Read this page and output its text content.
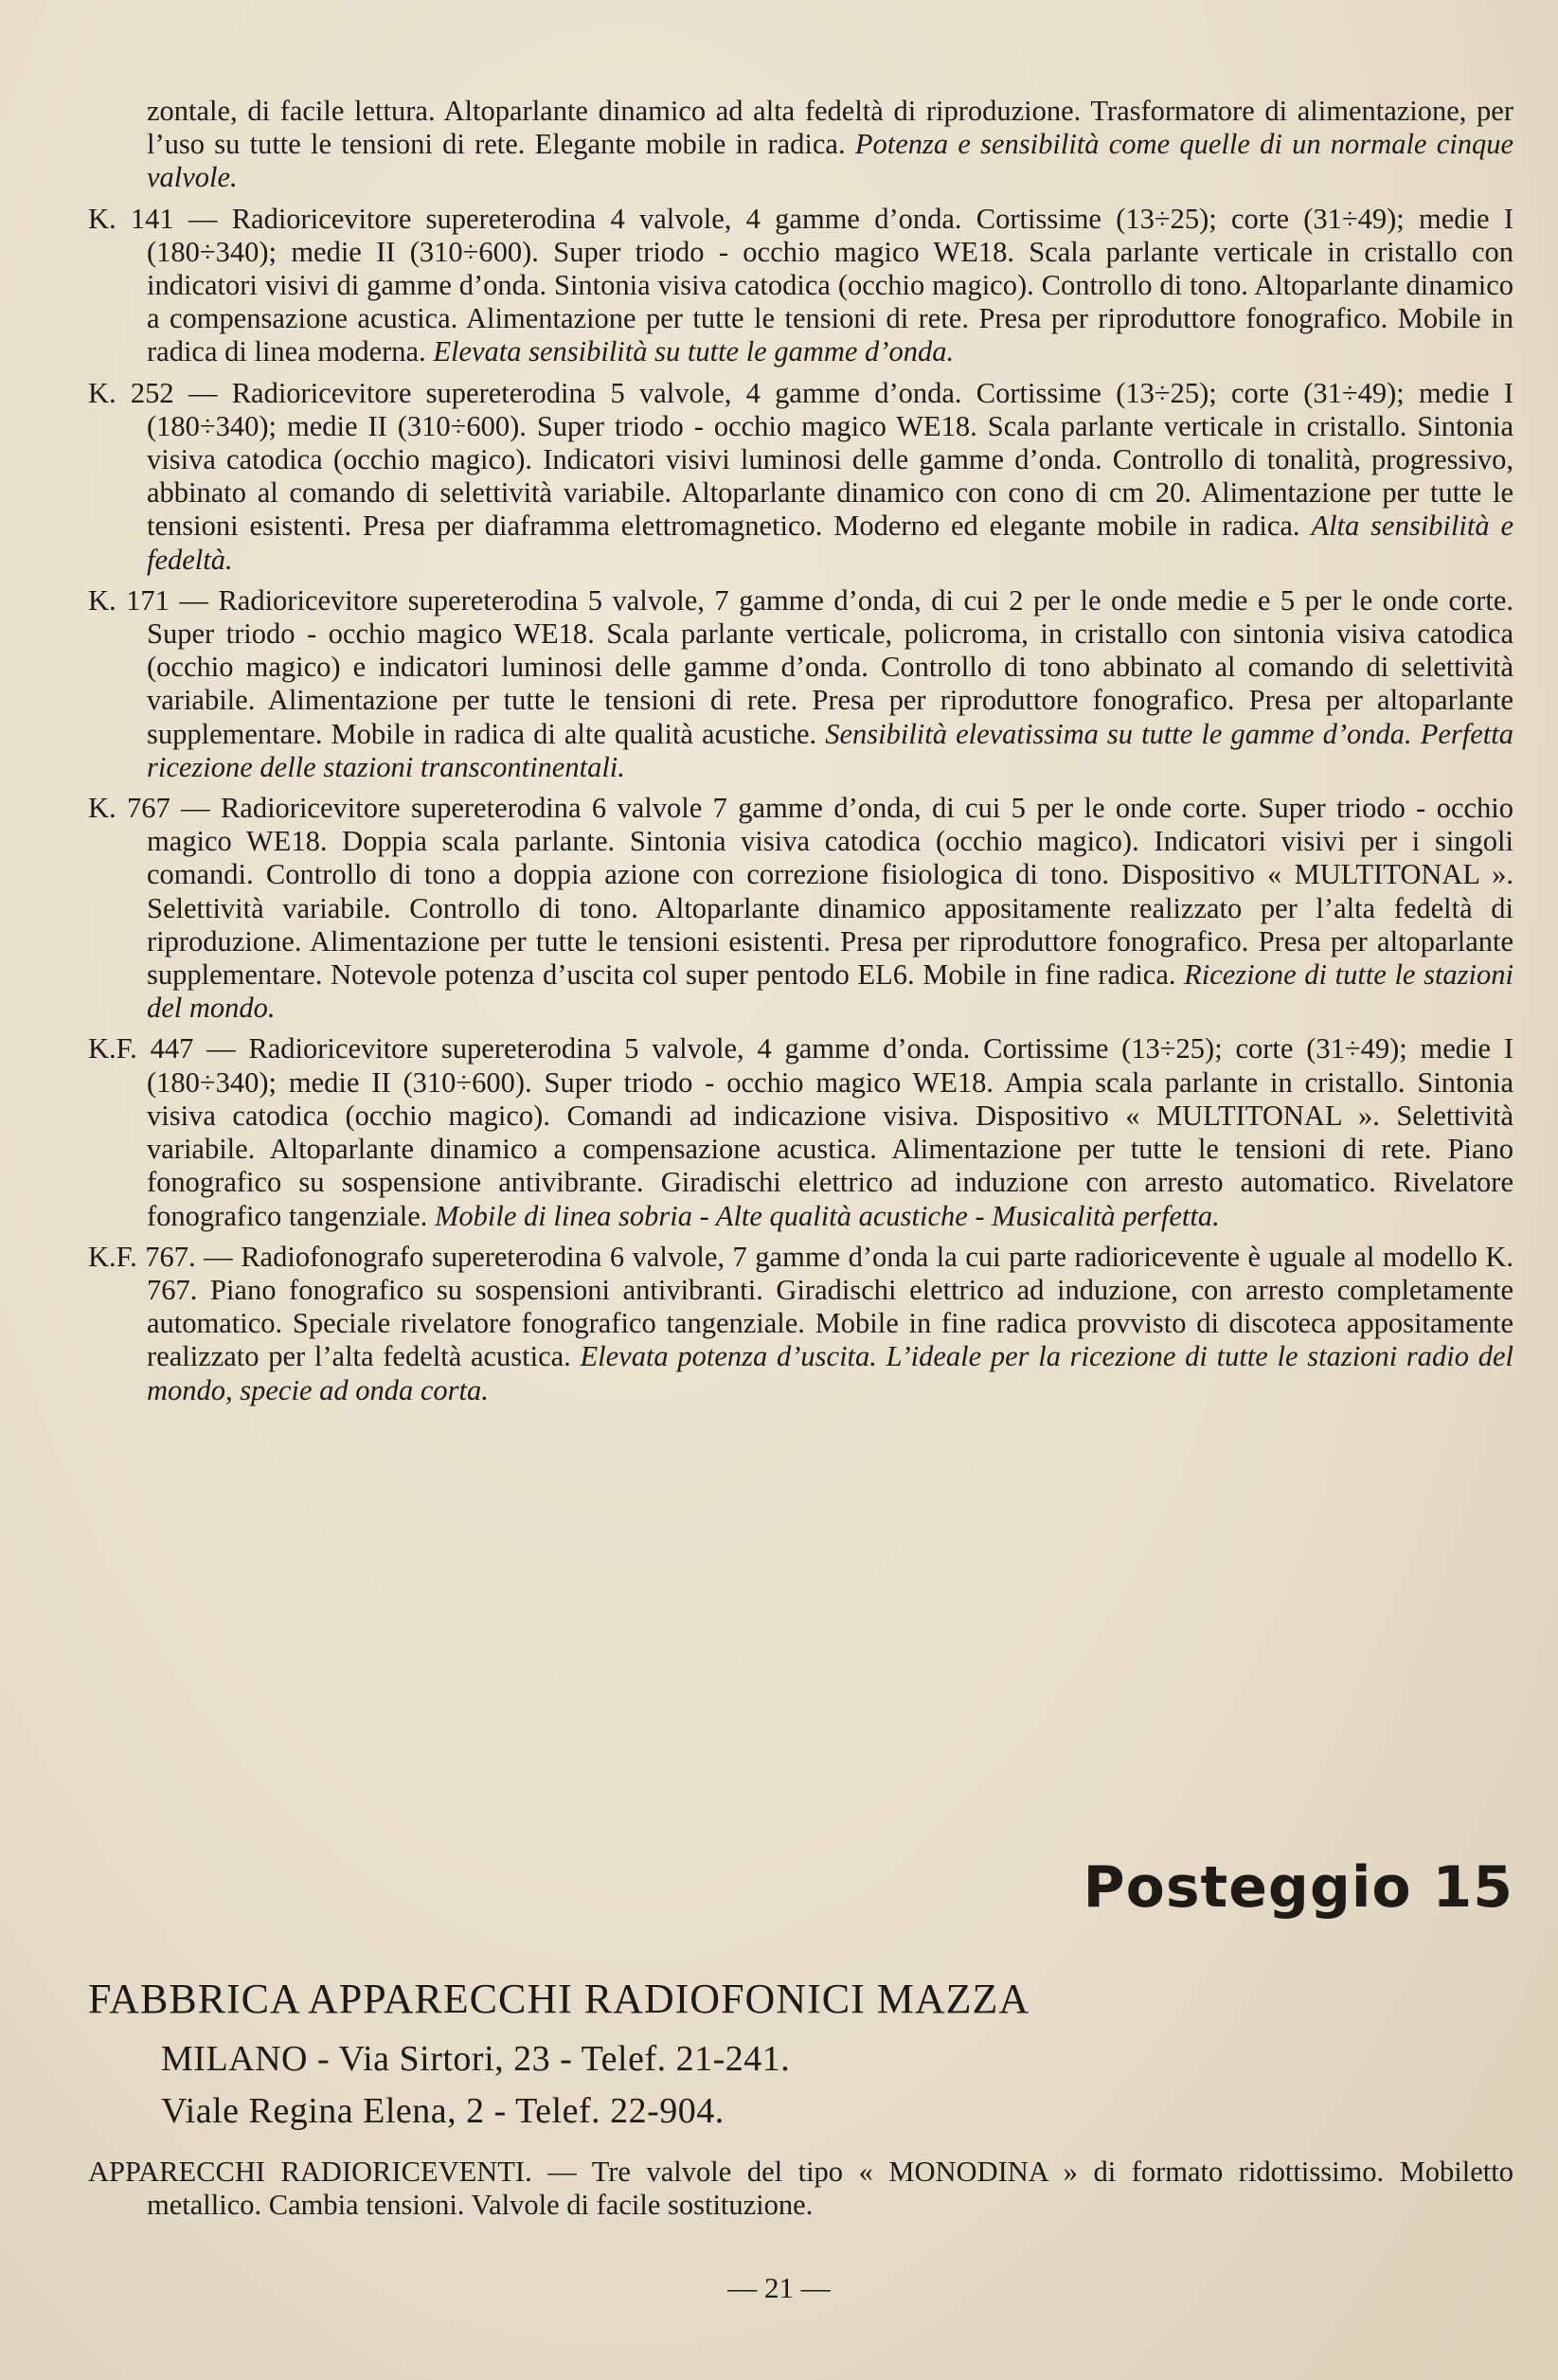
zontale, di facile lettura. Altoparlante dinamico ad alta fedeltà di riproduzione. Trasformatore di alimentazione, per l’uso su tutte le tensioni di rete. Elegante mobile in radica. Potenza e sensibilità come quelle di un normale cinque valvole.

K. 141 — Radioricevitore supereterodina 4 valvole, 4 gamme d’onda. Cortissime (13÷25); corte (31÷49); medie I (180÷340); medie II (310÷600). Super triodo - occhio magico WE18. Scala parlante verticale in cristallo con indicatori visivi di gamme d’onda. Sintonia visiva catodica (occhio magico). Controllo di tono. Altoparlante dinamico a compensazione acustica. Alimentazione per tutte le tensioni di rete. Presa per riproduttore fonografico. Mobile in radica di linea moderna. Elevata sensibilità su tutte le gamme d’onda.

K. 252 — Radioricevitore supereterodina 5 valvole, 4 gamme d’onda. Cortissime (13÷25); corte (31÷49); medie I (180÷340); medie II (310÷600). Super triodo - occhio magico WE18. Scala parlante verticale in cristallo. Sintonia visiva catodica (occhio magico). Indicatori visivi luminosi delle gamme d’onda. Controllo di tonalità, progressivo, abbinato al comando di selettività variabile. Altoparlante dinamico con cono di cm 20. Alimentazione per tutte le tensioni esistenti. Presa per diaframma elettromagnetico. Moderno ed elegante mobile in radica. Alta sensibilità e fedeltà.

K. 171 — Radioricevitore supereterodina 5 valvole, 7 gamme d’onda, di cui 2 per le onde medie e 5 per le onde corte. Super triodo - occhio magico WE18. Scala parlante verticale, policroma, in cristallo con sintonia visiva catodica (occhio magico) e indicatori luminosi delle gamme d’onda. Controllo di tono abbinato al comando di selettività variabile. Alimentazione per tutte le tensioni di rete. Presa per riproduttore fonografico. Presa per altoparlante supplementare. Mobile in radica di alte qualità acustiche. Sensibilità elevatissima su tutte le gamme d’onda. Perfetta ricezione delle stazioni transcontinentali.

K. 767 — Radioricevitore supereterodina 6 valvole 7 gamme d’onda, di cui 5 per le onde corte. Super triodo - occhio magico WE18. Doppia scala parlante. Sintonia visiva catodica (occhio magico). Indicatori visivi per i singoli comandi. Controllo di tono a doppia azione con correzione fisiologica di tono. Dispositivo « MULTITONAL ». Selettività variabile. Controllo di tono. Altoparlante dinamico appositamente realizzato per l’alta fedeltà di riproduzione. Alimentazione per tutte le tensioni esistenti. Presa per riproduttore fonografico. Presa per altoparlante supplementare. Notevole potenza d’uscita col super pentodo EL6. Mobile in fine radica. Ricezione di tutte le stazioni del mondo.

K.F. 447 — Radioricevitore supereterodina 5 valvole, 4 gamme d’onda. Cortissime (13÷25); corte (31÷49); medie I (180÷340); medie II (310÷600). Super triodo - occhio magico WE18. Ampia scala parlante in cristallo. Sintonia visiva catodica (occhio magico). Comandi ad indicazione visiva. Dispositivo « MULTITONAL ». Selettività variabile. Altoparlante dinamico a compensazione acustica. Alimentazione per tutte le tensioni di rete. Piano fonografico su sospensione antivibrante. Giradischi elettrico ad induzione con arresto automatico. Rivelatore fonografico tangenziale. Mobile di linea sobria - Alte qualità acustiche - Musicalità perfetta.

K.F. 767. — Radiofonografo supereterodina 6 valvole, 7 gamme d’onda la cui parte radioricevente è uguale al modello K. 767. Piano fonografico su sospensioni antivibranti. Giradischi elettrico ad induzione, con arresto completamente automatico. Speciale rivelatore fonografico tangenziale. Mobile in fine radica provvisto di discoteca appositamente realizzato per l’alta fedeltà acustica. Elevata potenza d’uscita. L’ideale per la ricezione di tutte le stazioni radio del mondo, specie ad onda corta.

Posteggio 15
FABBRICA APPARECCHI RADIOFONICI MAZZA
MILANO - Via Sirtori, 23 - Telef. 21-241.
Viale Regina Elena, 2 - Telef. 22-904.

APPARECCHI RADIORICEVENTI. — Tre valvole del tipo « MONODINA » di formato ridottissimo. Mobiletto metallico. Cambia tensioni. Valvole di facile sostituzione.

— 21 —
